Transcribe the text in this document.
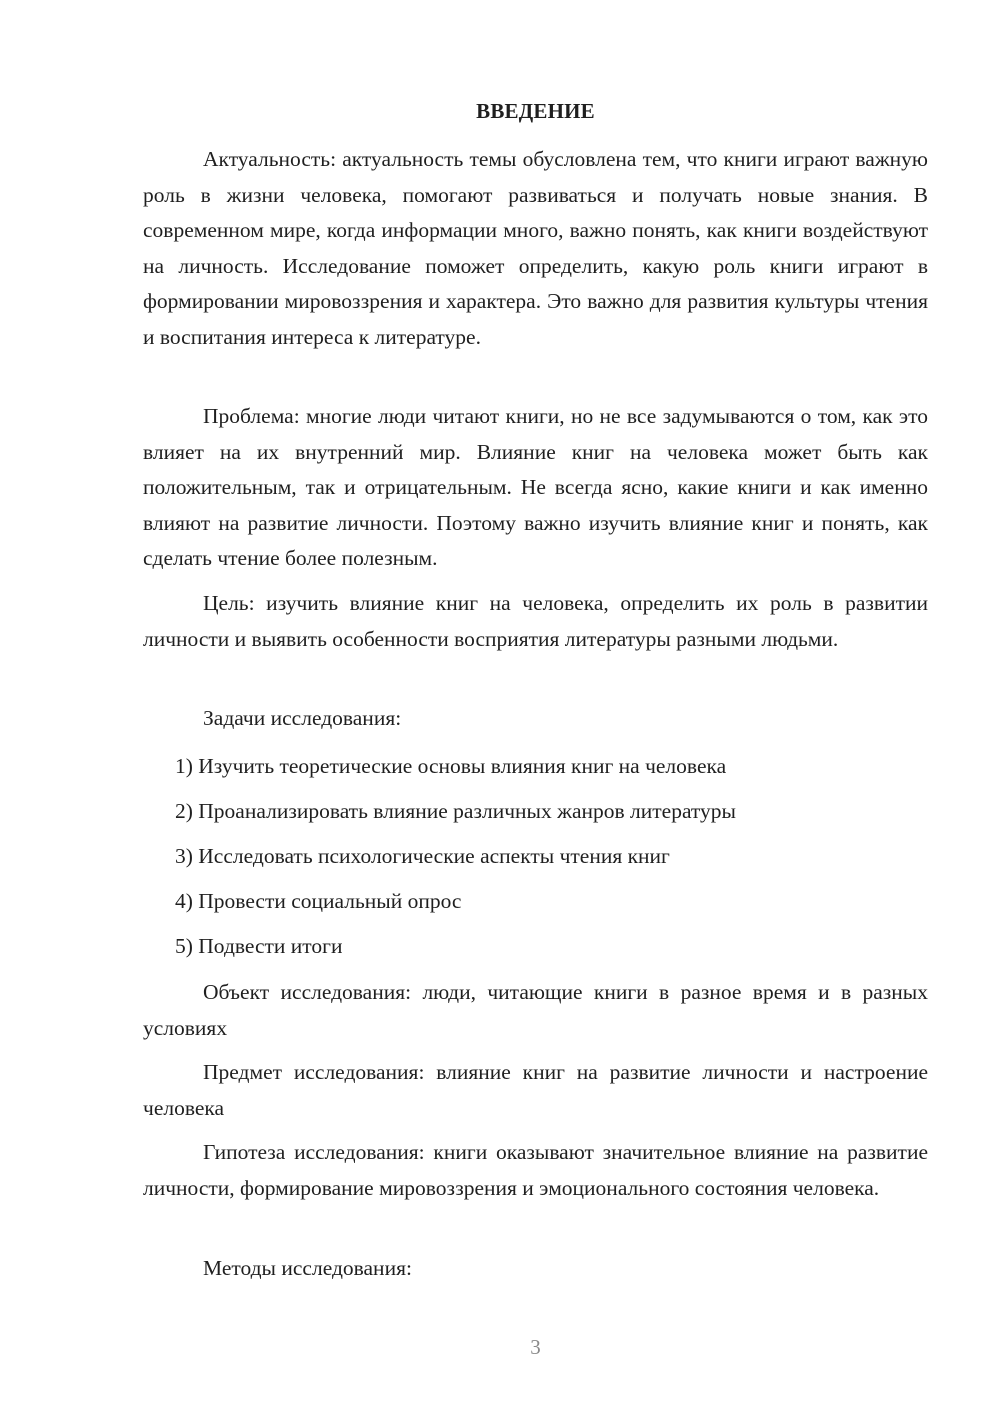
ВВЕДЕНИЕ

Актуальность: актуальность темы обусловлена тем, что книги играют важную роль в жизни человека, помогают развиваться и получать новые знания. В современном мире, когда информации много, важно понять, как книги воздействуют на личность. Исследование поможет определить, какую роль книги играют в формировании мировоззрения и характера. Это важно для развития культуры чтения и воспитания интереса к литературе.

Проблема: многие люди читают книги, но не все задумываются о том, как это влияет на их внутренний мир. Влияние книг на человека может быть как положительным, так и отрицательным. Не всегда ясно, какие книги и как именно влияют на развитие личности. Поэтому важно изучить влияние книг и понять, как сделать чтение более полезным.

Цель: изучить влияние книг на человека, определить их роль в развитии личности и выявить особенности восприятия литературы разными людьми.

Задачи исследования:

1) Изучить теоретические основы влияния книг на человека

2) Проанализировать влияние различных жанров литературы

3) Исследовать психологические аспекты чтения книг

4) Провести социальный опрос

5) Подвести итоги

Объект исследования: люди, читающие книги в разное время и в разных условиях

Предмет исследования: влияние книг на развитие личности и настроение человека

Гипотеза исследования: книги оказывают значительное влияние на развитие личности, формирование мировоззрения и эмоционального состояния человека.

Методы исследования:

3
